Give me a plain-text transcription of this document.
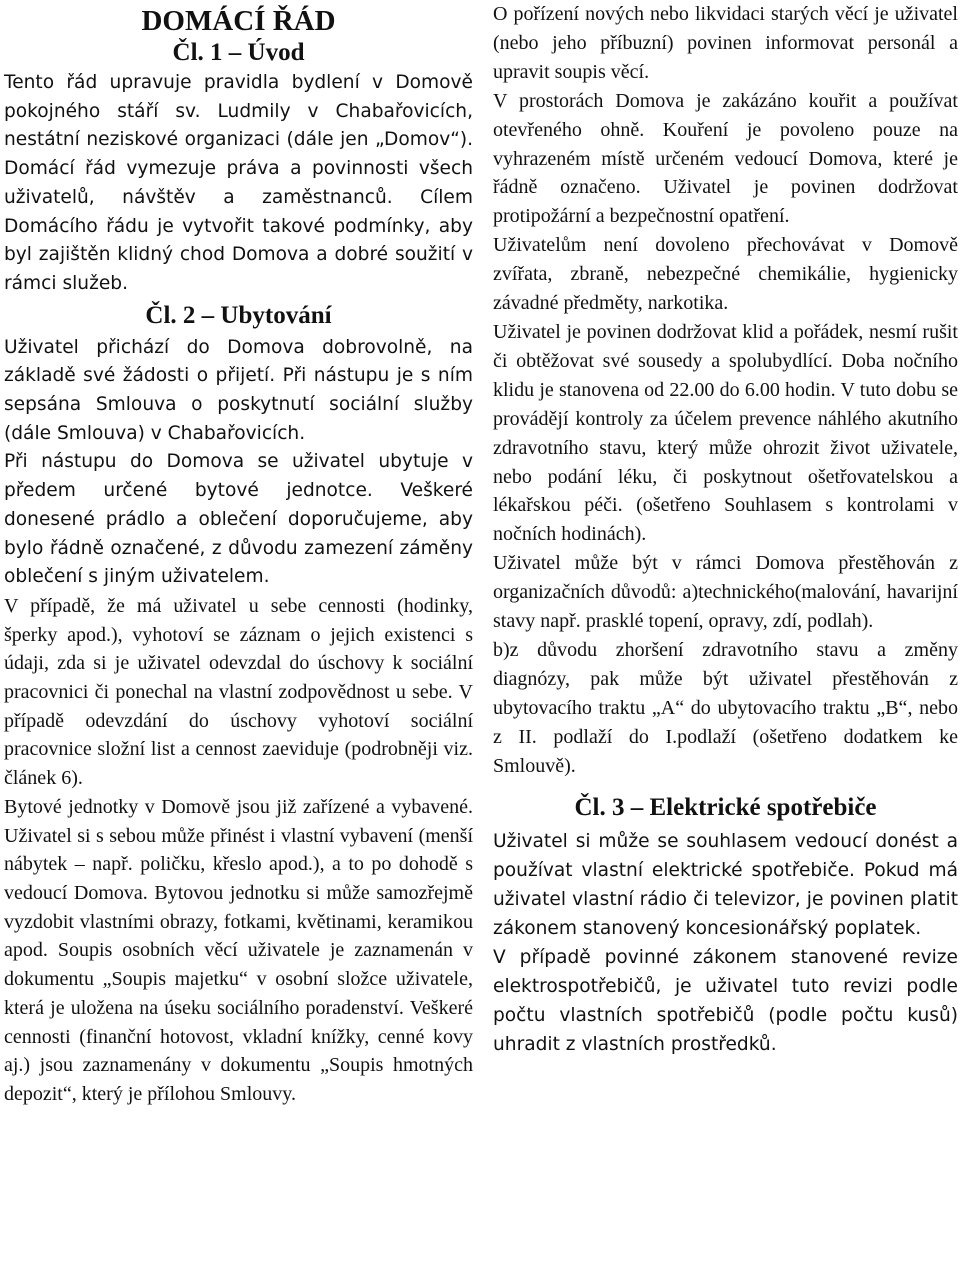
DOMÁCÍ ŘÁD
Čl. 1 – Úvod

Tento řád upravuje pravidla bydlení v Domově pokojného stáří sv. Ludmily v Chabařovicích, nestátní neziskové organizaci (dále jen „Domov“). Domácí řád vymezuje práva a povinnosti všech uživatelů, návštěv a zaměstnanců. Cílem Domácího řádu je vytvořit takové podmínky, aby byl zajištěn klidný chod Domova a dobré soužití v rámci služeb.

Čl. 2 – Ubytování

Uživatel přichází do Domova dobrovolně, na základě své žádosti o přijetí. Při nástupu je s ním sepsána Smlouva o poskytnutí sociální služby (dále Smlouva) v Chabařovicích.

Při nástupu do Domova se uživatel ubytuje v předem určené bytové jednotce. Veškeré donesené prádlo a oblečení doporučujeme, aby bylo řádně označené, z důvodu zamezení záměny oblečení s jiným uživatelem.

V případě, že má uživatel u sebe cennosti (hodinky, šperky apod.), vyhotoví se záznam o jejich existenci s údaji, zda si je uživatel odevzdal do úschovy k sociální pracovnici či ponechal na vlastní zodpovědnost u sebe. V případě odevzdání do úschovy vyhotoví sociální pracovnice složní list a cennost zaeviduje (podrobněji viz. článek 6).

Bytové jednotky v Domově jsou již zařízené a vybavené. Uživatel si s sebou může přinést i vlastní vybavení (menší nábytek – např. poličku, křeslo apod.), a to po dohodě s vedoucí Domova. Bytovou jednotku si může samozřejmě vyzdobit vlastními obrazy, fotkami, květinami, keramikou apod. Soupis osobních věcí uživatele je zaznamenán v dokumentu „Soupis majetku“ v osobní složce uživatele, která je uložena na úseku sociálního poradenství. Veškeré cennosti (finanční hotovost, vkladní knížky, cenné kovy aj.) jsou zaznamenány v dokumentu „Soupis hmotných depozit“, který je přílohou Smlouvy.

O pořízení nových nebo likvidaci starých věcí je uživatel (nebo jeho příbuzní) povinen informovat personál a upravit soupis věcí.

V prostorách Domova je zakázáno kouřit a používat otevřeného ohně. Kouření je povoleno pouze na vyhrazeném místě určeném vedoucí Domova, které je řádně označeno. Uživatel je povinen dodržovat protipožární a bezpečnostní opatření.

Uživatelům není dovoleno přechovávat v Domově zvířata, zbraně, nebezpečné chemikálie, hygienicky závadné předměty, narkotika.

Uživatel je povinen dodržovat klid a pořádek, nesmí rušit či obtěžovat své sousedy a spolubydlící. Doba nočního klidu je stanovena od 22.00 do 6.00 hodin. V tuto dobu se provádějí kontroly za účelem prevence náhlého akutního zdravotního stavu, který může ohrozit život uživatele, nebo podání léku, či poskytnout ošetřovatelskou a lékařskou péči. (ošetřeno Souhlasem s kontrolami v nočních hodinách).

Uživatel může být v rámci Domova přestěhován z organizačních důvodů: a)technického(malování, havarijní stavy např. prasklé topení, opravy, zdí, podlah).

b)z důvodu zhoršení zdravotního stavu a změny diagnózy, pak může být uživatel přestěhován z ubytovacího traktu „A“ do ubytovacího traktu „B“, nebo z II. podlaží do I.podlaží (ošetřeno dodatkem ke Smlouvě).

Čl. 3 – Elektrické spotřebiče

Uživatel si může se souhlasem vedoucí donést a používat vlastní elektrické spotřebiče. Pokud má uživatel vlastní rádio či televizor, je povinen platit zákonem stanovený koncesionářský poplatek.

V případě povinné zákonem stanovené revize elektrospotřebičů, je uživatel tuto revizi podle počtu vlastních spotřebičů (podle počtu kusů) uhradit z vlastních prostředků.
